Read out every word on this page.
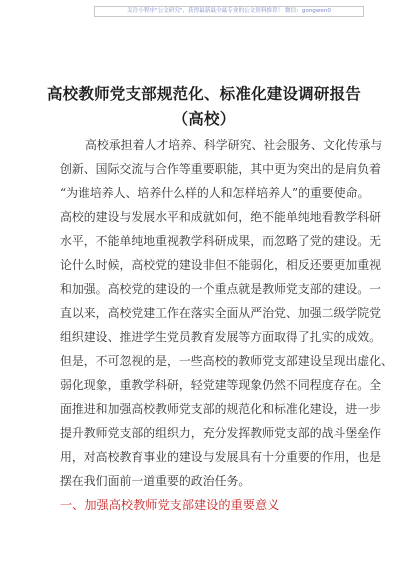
关注小程序"公文研究"，获得最新最全最专业的公文资料推荐！ 微信：gongwen0
高校教师党支部规范化、标准化建设调研报告
（高校）
高校承担着人才培养、科学研究、社会服务、文化传承与
创新、国际交流与合作等重要职能，其中更为突出的是肩负着
“为谁培养人、培养什么样的人和怎样培养人”的重要使命。
高校的建设与发展水平和成就如何，绝不能单纯地看教学科研
水平，不能单纯地重视教学科研成果，而忽略了党的建设。无
论什么时候，高校党的建设非但不能弱化，相反还要更加重视
和加强。高校党的建设的一个重点就是教师党支部的建设。一
直以来，高校党建工作在落实全面从严治党、加强二级学院党
组织建设、推进学生党员教育发展等方面取得了扎实的成效。
但是，不可忽视的是，一些高校的教师党支部建设呈现出虚化、
弱化现象，重教学科研，轻党建等现象仍然不同程度存在。全
面推进和加强高校教师党支部的规范化和标准化建设，进一步
提升教师党支部的组织力，充分发挥教师党支部的战斗堡垒作
用，对高校教育事业的建设与发展具有十分重要的作用，也是
摆在我们面前一道重要的政治任务。
一、加强高校教师党支部建设的重要意义
